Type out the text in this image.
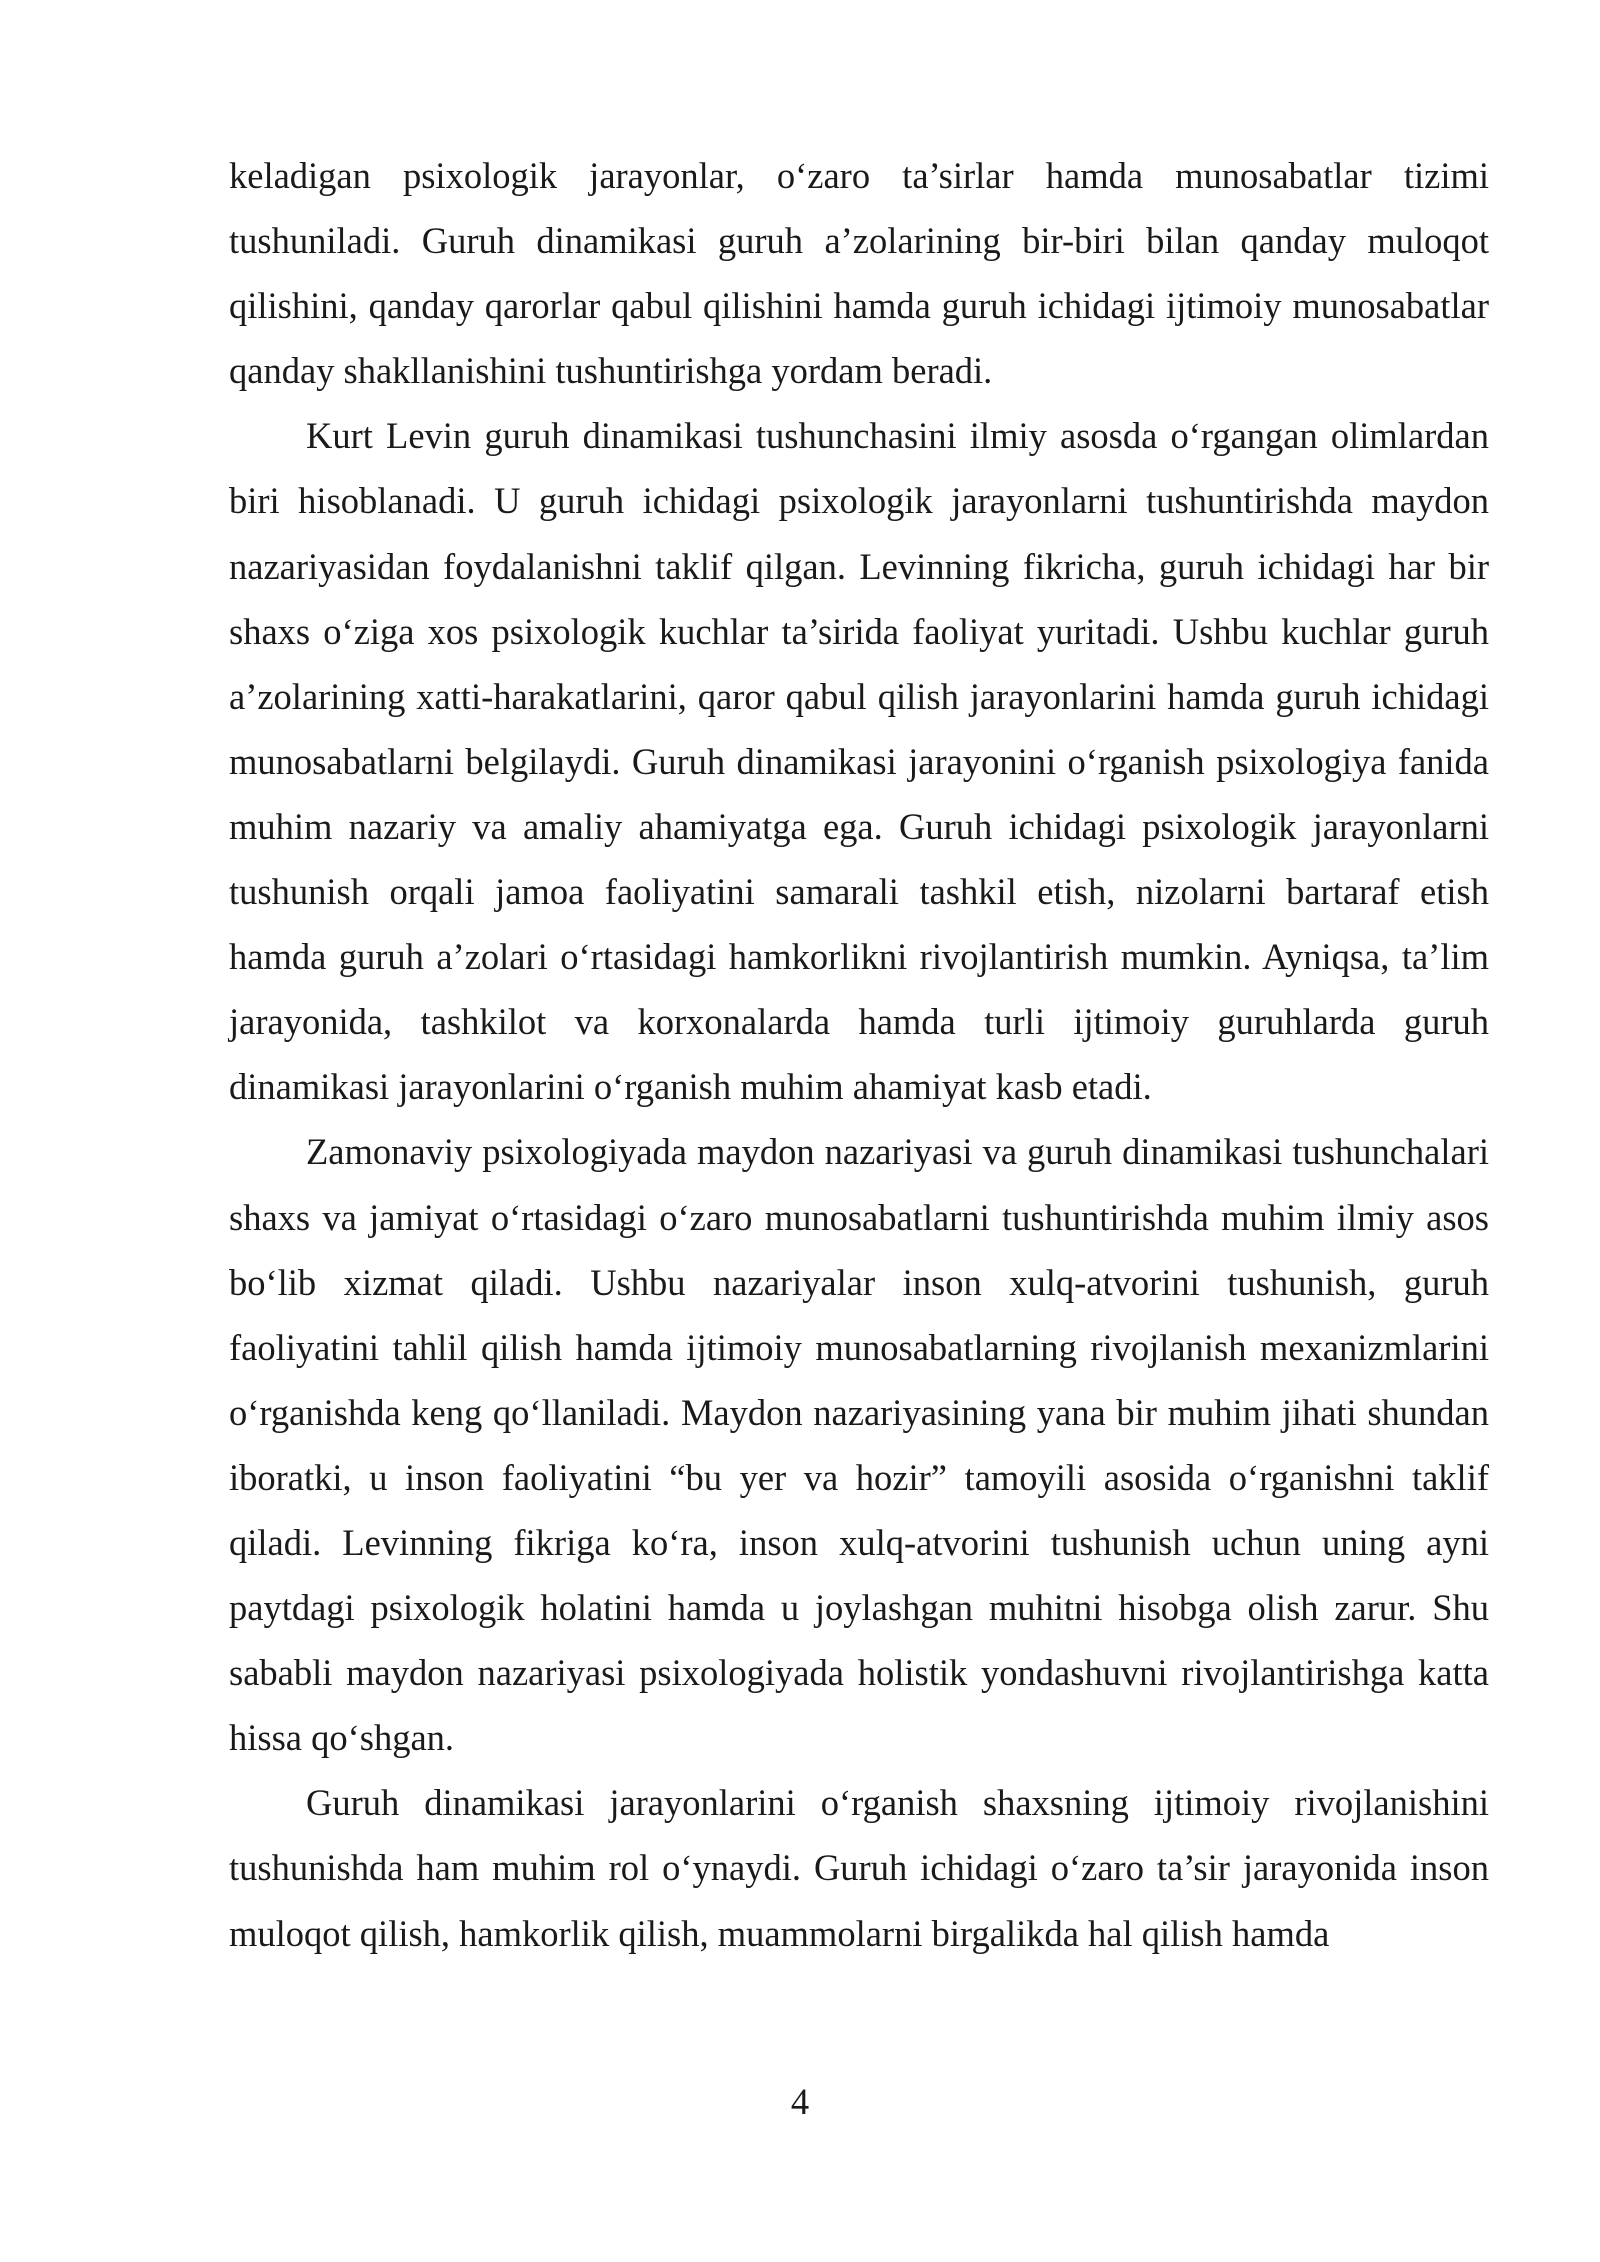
keladigan psixologik jarayonlar, o‘zaro ta’sirlar hamda munosabatlar tizimi tushuniladi. Guruh dinamikasi guruh a’zolarining bir-biri bilan qanday muloqot qilishini, qanday qarorlar qabul qilishini hamda guruh ichidagi ijtimoiy munosabatlar qanday shakllanishini tushuntirishga yordam beradi.

Kurt Levin guruh dinamikasi tushunchasini ilmiy asosda o‘rgangan olimlardan biri hisoblanadi. U guruh ichidagi psixologik jarayonlarni tushuntirishda maydon nazariyasidan foydalanishni taklif qilgan. Levinning fikricha, guruh ichidagi har bir shaxs o‘ziga xos psixologik kuchlar ta’sirida faoliyat yuritadi. Ushbu kuchlar guruh a’zolarining xatti-harakatlarini, qaror qabul qilish jarayonlarini hamda guruh ichidagi munosabatlarni belgilaydi. Guruh dinamikasi jarayonini o‘rganish psixologiya fanida muhim nazariy va amaliy ahamiyatga ega. Guruh ichidagi psixologik jarayonlarni tushunish orqali jamoa faoliyatini samarali tashkil etish, nizolarni bartaraf etish hamda guruh a’zolari o‘rtasidagi hamkorlikni rivojlantirish mumkin. Ayniqsa, ta’lim jarayonida, tashkilot va korxonalarda hamda turli ijtimoiy guruhlarda guruh dinamikasi jarayonlarini o‘rganish muhim ahamiyat kasb etadi.

Zamonaviy psixologiyada maydon nazariyasi va guruh dinamikasi tushunchalari shaxs va jamiyat o‘rtasidagi o‘zaro munosabatlarni tushuntirishda muhim ilmiy asos bo‘lib xizmat qiladi. Ushbu nazariyalar inson xulq-atvorini tushunish, guruh faoliyatini tahlil qilish hamda ijtimoiy munosabatlarning rivojlanish mexanizmlarini o‘rganishda keng qo‘llaniladi. Maydon nazariyasining yana bir muhim jihati shundan iboratki, u inson faoliyatini “bu yer va hozir” tamoyili asosida o‘rganishni taklif qiladi. Levinning fikriga ko‘ra, inson xulq-atvorini tushunish uchun uning ayni paytdagi psixologik holatini hamda u joylashgan muhitni hisobga olish zarur. Shu sababli maydon nazariyasi psixologiyada holistik yondashuvni rivojlantirishga katta hissa qo‘shgan.

Guruh dinamikasi jarayonlarini o‘rganish shaxsning ijtimoiy rivojlanishini tushunishda ham muhim rol o‘ynaydi. Guruh ichidagi o‘zaro ta’sir jarayonida inson muloqot qilish, hamkorlik qilish, muammolarni birgalikda hal qilish hamda

4
